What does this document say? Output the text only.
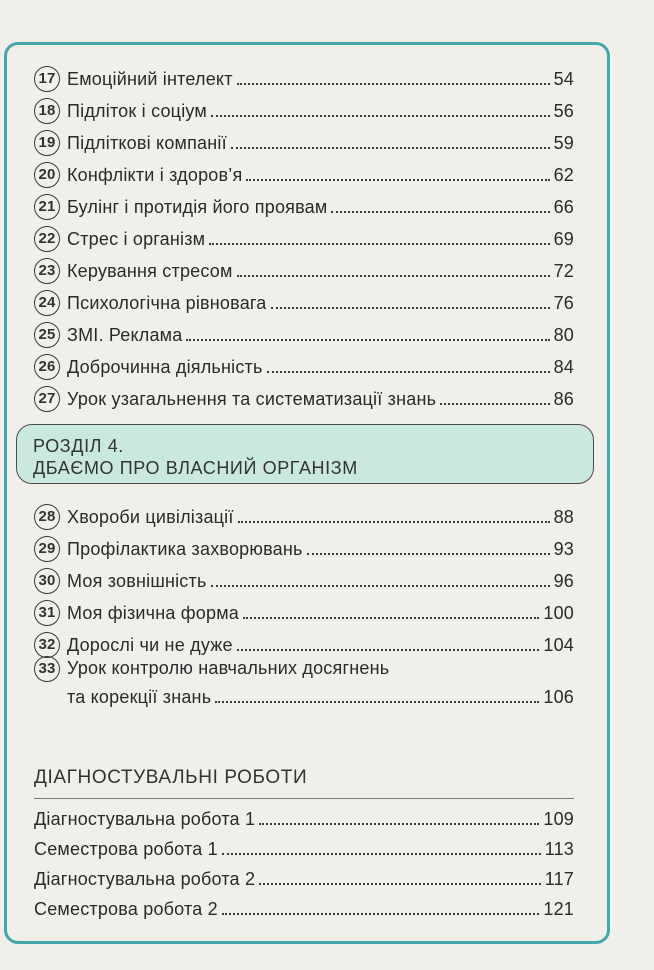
17 Емоційний інтелект	54
18 Підліток і соціум	56
19 Підліткові компанії	59
20 Конфлікти і здоров’я	62
21 Булінг і протидія його проявам	66
22 Стрес і організм	69
23 Керування стресом	72
24 Психологічна рівновага	76
25 ЗМІ. Реклама	80
26 Доброчинна діяльність	84
27 Урок узагальнення та систематизації знань	86
РОЗДІЛ 4.
ДБАЄМО ПРО ВЛАСНИЙ ОРГАНІЗМ
28 Хвороби цивілізації	88
29 Профілактика захворювань	93
30 Моя зовнішність	96
31 Моя фізична форма	100
32 Дорослі чи не дуже	104
33 Урок контролю навчальних досягнень
та корекції знань	106
ДІАГНОСТУВАЛЬНІ РОБОТИ
Діагностувальна робота 1	109
Семестрова робота 1	113
Діагностувальна робота 2	117
Семестрова робота 2	121
